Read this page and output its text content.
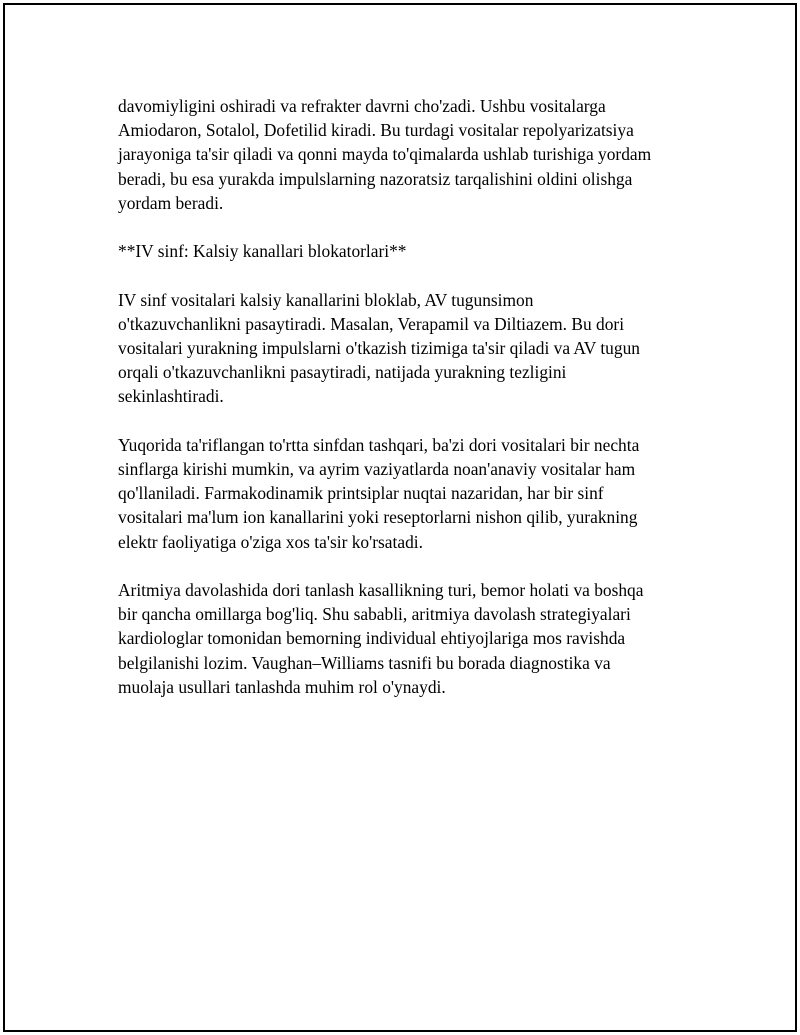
davomiyligini oshiradi va refrakter davrni cho'zadi. Ushbu vositalarga
Amiodaron, Sotalol, Dofetilid kiradi. Bu turdagi vositalar repolyarizatsiya
jarayoniga ta'sir qiladi va qonni mayda to'qimalarda ushlab turishiga yordam
beradi, bu esa yurakda impulslarning nazoratsiz tarqalishini oldini olishga
yordam beradi.

**IV sinf: Kalsiy kanallari blokatorlari**

IV sinf vositalari kalsiy kanallarini bloklab, AV tugunsimon
o'tkazuvchanlikni pasaytiradi. Masalan, Verapamil va Diltiazem. Bu dori
vositalari yurakning impulslarni o'tkazish tizimiga ta'sir qiladi va AV tugun
orqali o'tkazuvchanlikni pasaytiradi, natijada yurakning tezligini
sekinlashtiradi.

Yuqorida ta'riflangan to'rtta sinfdan tashqari, ba'zi dori vositalari bir nechta
sinflarga kirishi mumkin, va ayrim vaziyatlarda noan'anaviy vositalar ham
qo'llaniladi. Farmakodinamik printsiplar nuqtai nazaridan, har bir sinf
vositalari ma'lum ion kanallarini yoki reseptorlarni nishon qilib, yurakning
elektr faoliyatiga o'ziga xos ta'sir ko'rsatadi.

Aritmiya davolashida dori tanlash kasallikning turi, bemor holati va boshqa
bir qancha omillarga bog'liq. Shu sababli, aritmiya davolash strategiyalari
kardiologlar tomonidan bemorning individual ehtiyojlariga mos ravishda
belgilanishi lozim. Vaughan–Williams tasnifi bu borada diagnostika va
muolaja usullari tanlashda muhim rol o'ynaydi.
